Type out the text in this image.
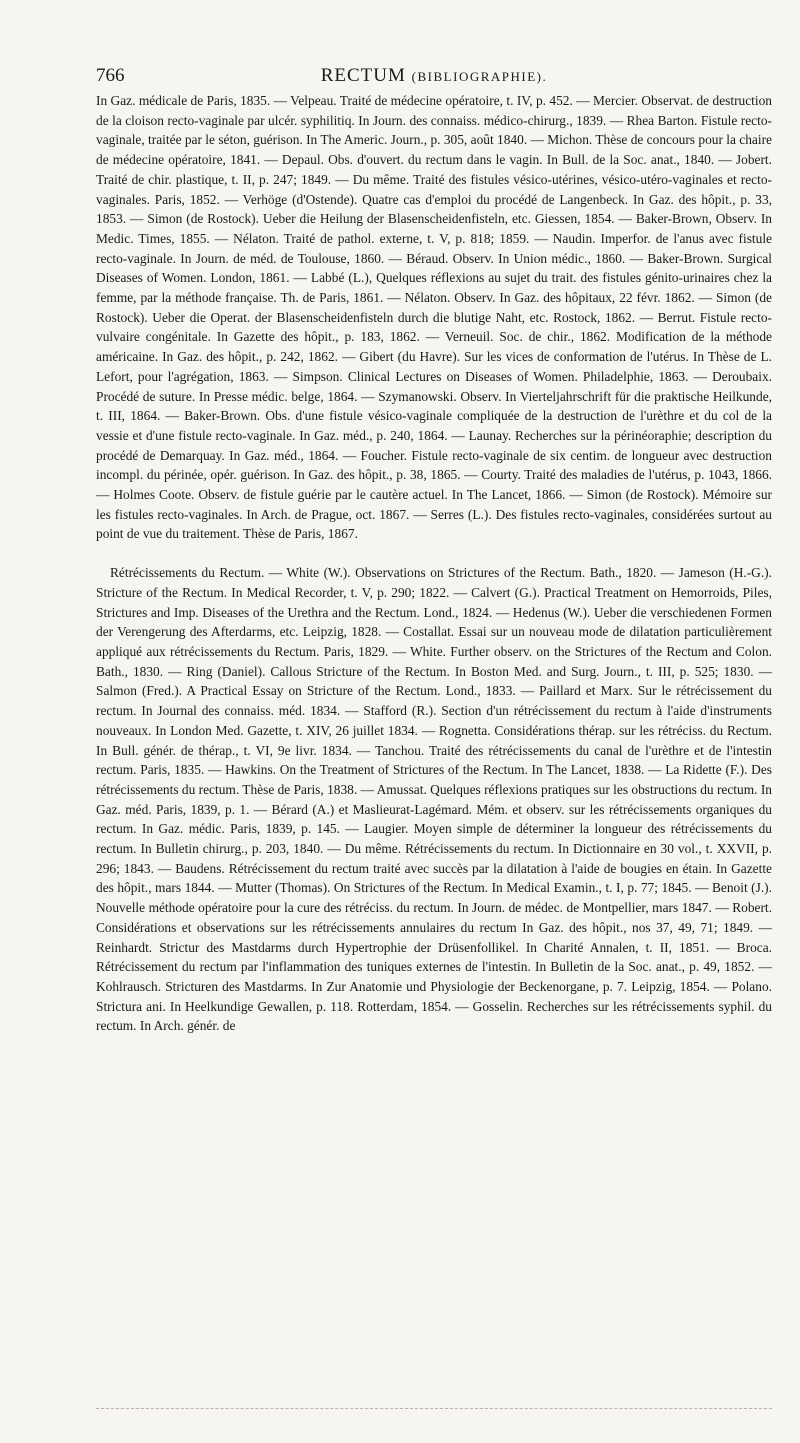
766	RECTUM (BIBLIOGRAPHIE).

In Gaz. médicale de Paris, 1835. — Velpeau. Traité de médecine opératoire, t. IV, p. 452. — Mercier. Observat. de destruction de la cloison recto-vaginale par ulcér. syphilitiq. In Journ. des connaiss. médico-chirurg., 1839. — Rhea Barton. Fistule recto-vaginale, traitée par le séton, guérison. In The Americ. Journ., p. 305, août 1840. — Michon. Thèse de concours pour la chaire de médecine opératoire, 1841. — Depaul. Obs. d'ouvert. du rectum dans le vagin. In Bull. de la Soc. anat., 1840. — Jobert. Traité de chir. plastique, t. II, p. 247; 1849. — Du même. Traité des fistules vésico-utérines, vésico-utéro-vaginales et recto-vaginales. Paris, 1852. — Verhöge (d'Ostende). Quatre cas d'emploi du procédé de Langenbeck. In Gaz. des hôpit., p. 33, 1853. — Simon (de Rostock). Ueber die Heilung der Blasenscheidenfisteln, etc. Giessen, 1854. — Baker-Brown, Observ. In Medic. Times, 1855. — Nélaton. Traité de pathol. externe, t. V, p. 818; 1859. — Naudin. Imperfor. de l'anus avec fistule recto-vaginale. In Journ. de méd. de Toulouse, 1860. — Béraud. Observ. In Union médic., 1860. — Baker-Brown. Surgical Diseases of Women. London, 1861. — Labbé (L.), Quelques réflexions au sujet du trait. des fistules génito-urinaires chez la femme, par la méthode française. Th. de Paris, 1861. — Nélaton. Observ. In Gaz. des hôpitaux, 22 févr. 1862. — Simon (de Rostock). Ueber die Operat. der Blasenscheidenfisteln durch die blutige Naht, etc. Rostock, 1862. — Berrut. Fistule recto-vulvaire congénitale. In Gazette des hôpit., p. 183, 1862. — Verneuil. Soc. de chir., 1862. Modification de la méthode américaine. In Gaz. des hôpit., p. 242, 1862. — Gibert (du Havre). Sur les vices de conformation de l'utérus. In Thèse de L. Lefort, pour l'agrégation, 1863. — Simpson. Clinical Lectures on Diseases of Women. Philadelphie, 1863. — Deroubaix. Procédé de suture. In Presse médic. belge, 1864. — Szymanowski. Observ. In Vierteljahrschrift für die praktische Heilkunde, t. III, 1864. — Baker-Brown. Obs. d'une fistule vésico-vaginale compliquée de la destruction de l'urèthre et du col de la vessie et d'une fistule recto-vaginale. In Gaz. méd., p. 240, 1864. — Launay. Recherches sur la périnéoraphie; description du procédé de Demarquay. In Gaz. méd., 1864. — Foucher. Fistule recto-vaginale de six centim. de longueur avec destruction incompl. du périnée, opér. guérison. In Gaz. des hôpit., p. 38, 1865. — Courty. Traité des maladies de l'utérus, p. 1043, 1866. — Holmes Coote. Observ. de fistule guérie par le cautère actuel. In The Lancet, 1866. — Simon (de Rostock). Mémoire sur les fistules recto-vaginales. In Arch. de Prague, oct. 1867. — Serres (L.). Des fistules recto-vaginales, considérées surtout au point de vue du traitement. Thèse de Paris, 1867.

Rétrécissements du Rectum. — White (W.). Observations on Strictures of the Rectum. Bath., 1820. — Jameson (H.-G.). Stricture of the Rectum. In Medical Recorder, t. V, p. 290; 1822. — Calvert (G.). Practical Treatment on Hemorroids, Piles, Strictures and Imp. Diseases of the Urethra and the Rectum. Lond., 1824. — Hedenus (W.). Ueber die verschiedenen Formen der Verengerung des Afterdarms, etc. Leipzig, 1828. — Costallat. Essai sur un nouveau mode de dilatation particulièrement appliqué aux rétrécissements du Rectum. Paris, 1829. — White. Further observ. on the Strictures of the Rectum and Colon. Bath., 1830. — Ring (Daniel). Callous Stricture of the Rectum. In Boston Med. and Surg. Journ., t. III, p. 525; 1830. — Salmon (Fred.). A Practical Essay on Stricture of the Rectum. Lond., 1833. — Paillard et Marx. Sur le rétrécissement du rectum. In Journal des connaiss. méd. 1834. — Stafford (R.). Section d'un rétrécissement du rectum à l'aide d'instruments nouveaux. In London Med. Gazette, t. XIV, 26 juillet 1834. — Rognetta. Considérations thérap. sur les rétréciss. du Rectum. In Bull. génér. de thérap., t. VI, 9e livr. 1834. — Tanchou. Traité des rétrécissements du canal de l'urèthre et de l'intestin rectum. Paris, 1835. — Hawkins. On the Treatment of Strictures of the Rectum. In The Lancet, 1838. — La Ridette (F.). Des rétrécissements du rectum. Thèse de Paris, 1838. — Amussat. Quelques réflexions pratiques sur les obstructions du rectum. In Gaz. méd. Paris, 1839, p. 1. — Bérard (A.) et Maslieurat-Lagémard. Mém. et observ. sur les rétrécissements organiques du rectum. In Gaz. médic. Paris, 1839, p. 145. — Laugier. Moyen simple de déterminer la longueur des rétrécissements du rectum. In Bulletin chirurg., p. 203, 1840. — Du même. Rétrécissements du rectum. In Dictionnaire en 30 vol., t. XXVII, p. 296; 1843. — Baudens. Rétrécissement du rectum traité avec succès par la dilatation à l'aide de bougies en étain. In Gazette des hôpit., mars 1844. — Mutter (Thomas). On Strictures of the Rectum. In Medical Examin., t. I, p. 77; 1845. — Benoit (J.). Nouvelle méthode opératoire pour la cure des rétréciss. du rectum. In Journ. de médec. de Montpellier, mars 1847. — Robert. Considérations et observations sur les rétrécissements annulaires du rectum In Gaz. des hôpit., nos 37, 49, 71; 1849. — Reinhardt. Strictur des Mastdarms durch Hypertrophie der Drüsenfollikel. In Charité Annalen, t. II, 1851. — Broca. Rétrécissement du rectum par l'inflammation des tuniques externes de l'intestin. In Bulletin de la Soc. anat., p. 49, 1852. — Kohlrausch. Stricturen des Mastdarms. In Zur Anatomie und Physiologie der Beckenorgane, p. 7. Leipzig, 1854. — Polano. Strictura ani. In Heelkundige Gewallen, p. 118. Rotterdam, 1854. — Gosselin. Recherches sur les rétrécissements syphil. du rectum. In Arch. génér. de
